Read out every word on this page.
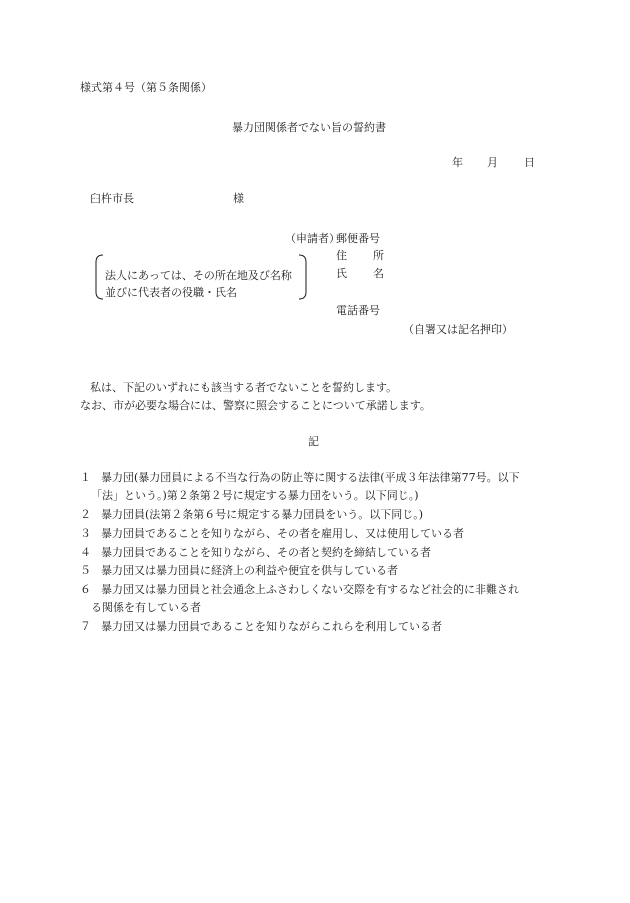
様式第４号（第５条関係）
暴力団関係者でない旨の誓約書
年 月 日
臼杵市長	様
（申請者）
郵便番号
住所
氏名
電話番号
（自署又は記名押印）
法人にあっては、その所在地及び名称
並びに代表者の役職・氏名
私は、下記のいずれにも該当する者でないことを誓約します。
なお、市が必要な場合には、警察に照会することについて承諾します。
記
１ 暴力団(暴力団員による不当な行為の防止等に関する法律(平成３年法律第77号。以下
「法」という。)第２条第２号に規定する暴力団をいう。以下同じ。)
２ 暴力団員(法第２条第６号に規定する暴力団員をいう。以下同じ。)
３ 暴力団員であることを知りながら、その者を雇用し、又は使用している者
４ 暴力団員であることを知りながら、その者と契約を締結している者
５ 暴力団又は暴力団員に経済上の利益や便宜を供与している者
６ 暴力団又は暴力団員と社会通念上ふさわしくない交際を有するなど社会的に非難され
る関係を有している者
７ 暴力団又は暴力団員であることを知りながらこれらを利用している者
